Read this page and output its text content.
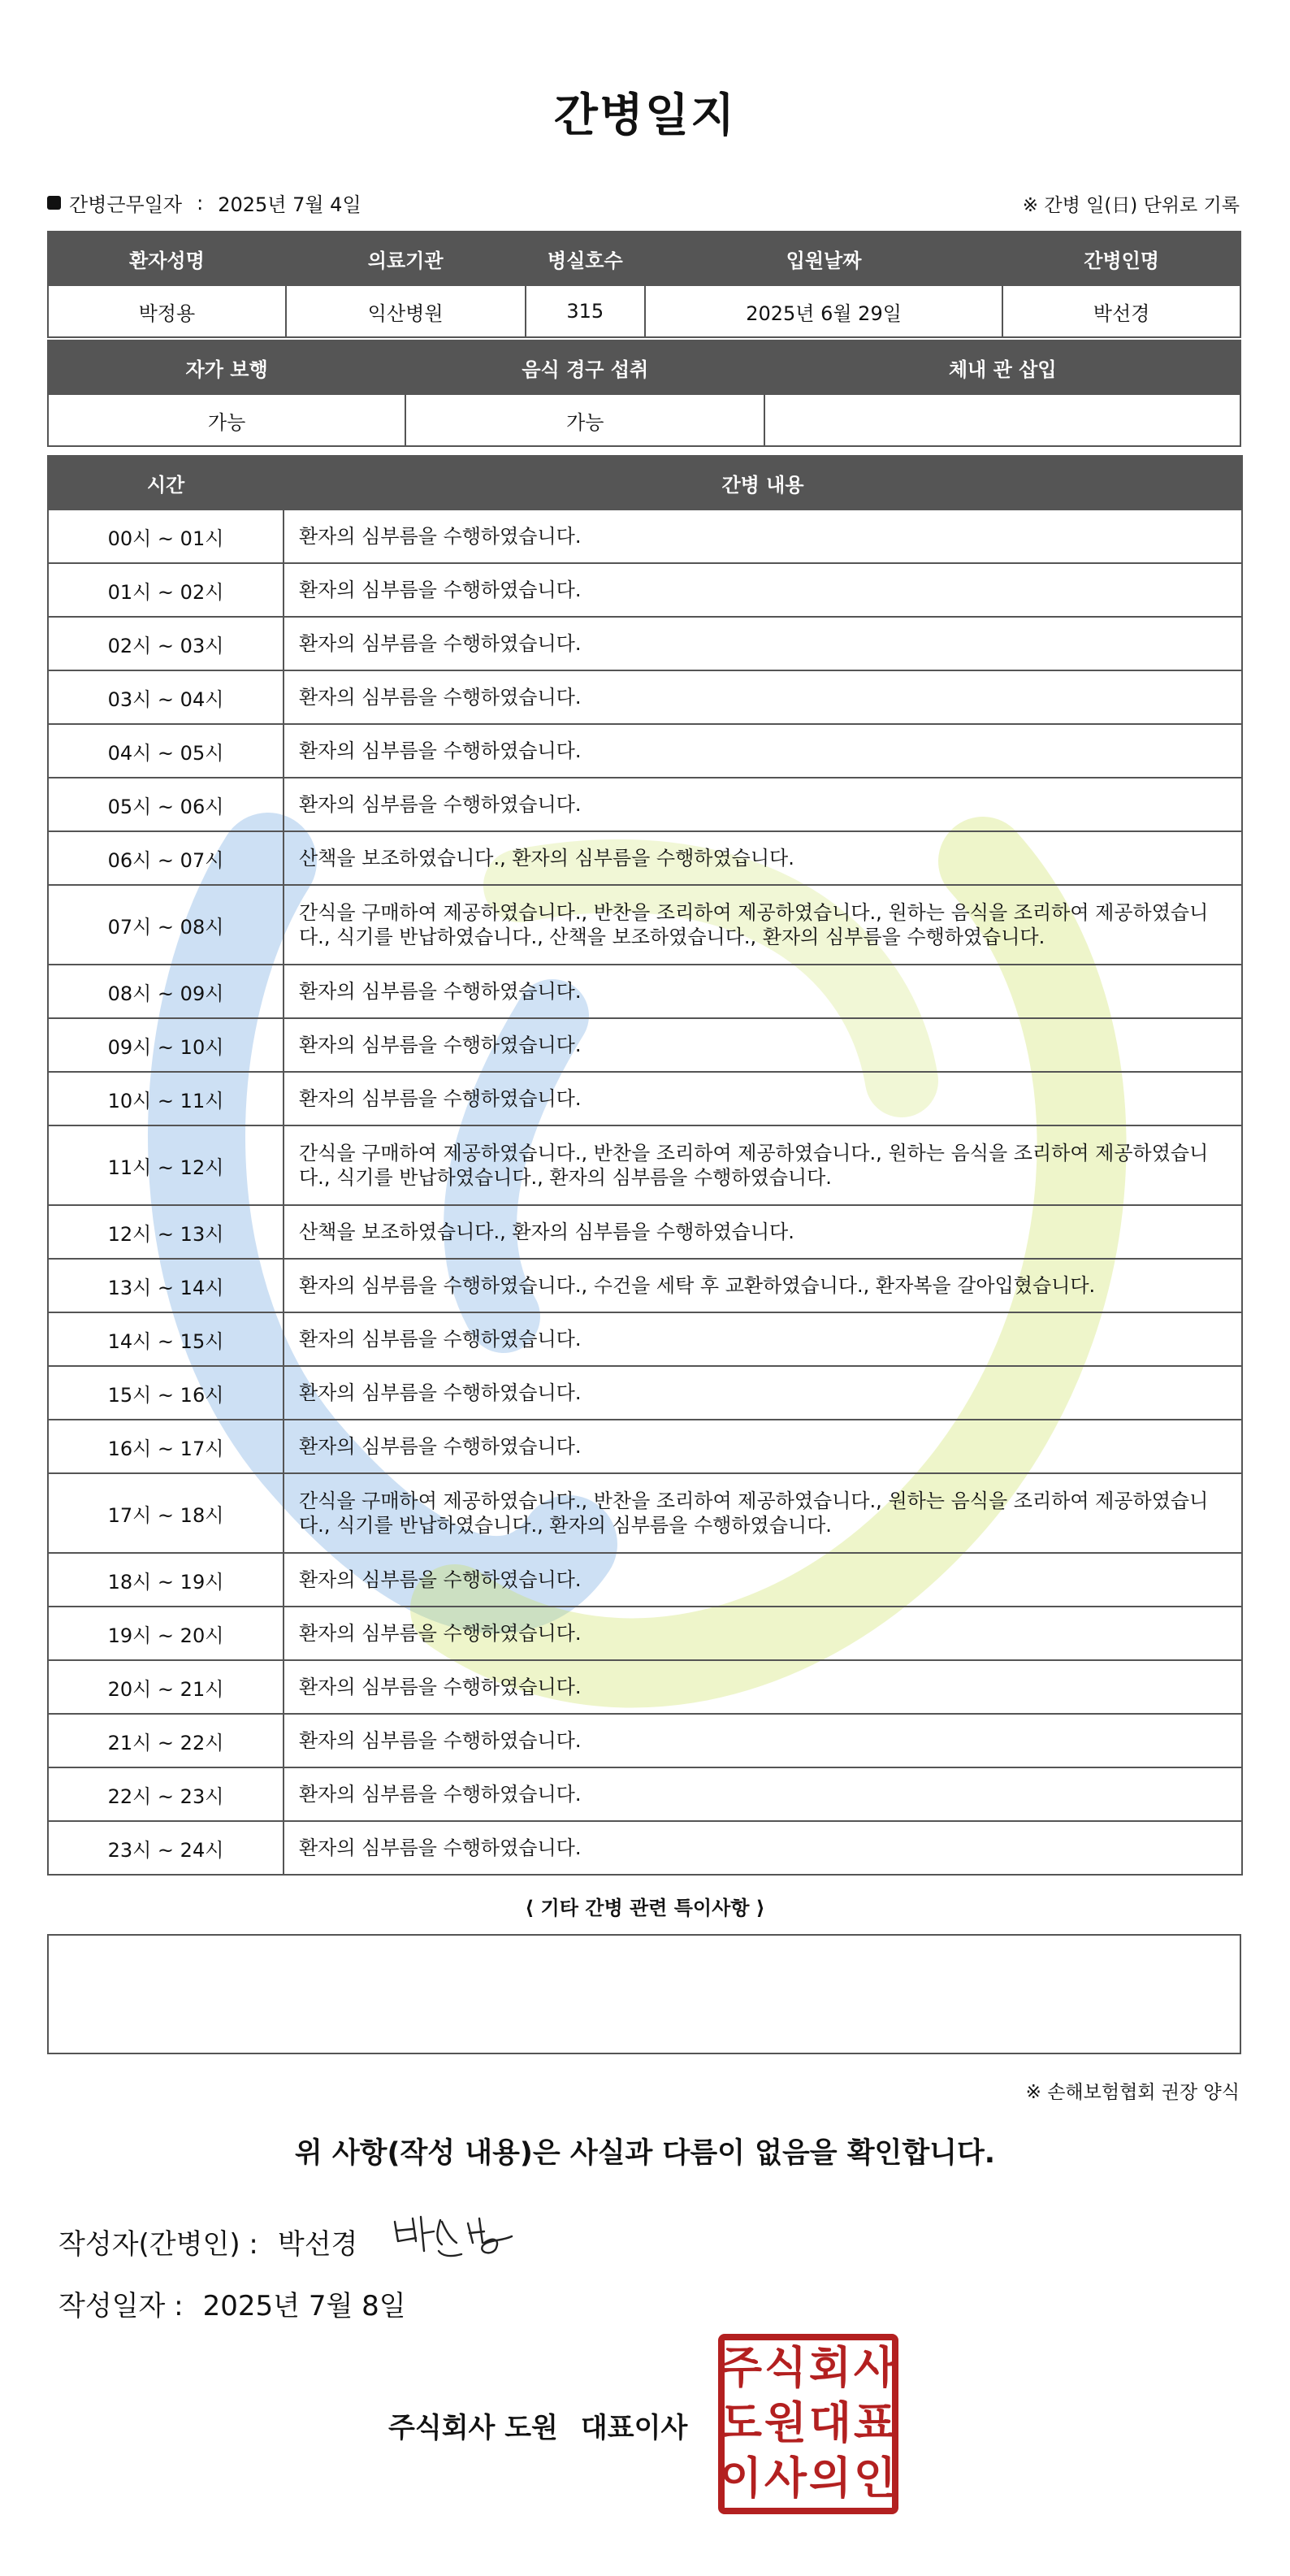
간병일지
간병근무일자 : 2025년 7월 4일	※ 간병 일(日) 단위로 기록
환자성명	의료기관	병실호수	입원날짜	간병인명
박정용	익산병원	315	2025년 6월 29일	박선경
자가 보행	음식 경구 섭취	체내 관 삽입
가능	가능	
시간	간병 내용
00시 ~ 01시	환자의 심부름을 수행하였습니다.
01시 ~ 02시	환자의 심부름을 수행하였습니다.
02시 ~ 03시	환자의 심부름을 수행하였습니다.
03시 ~ 04시	환자의 심부름을 수행하였습니다.
04시 ~ 05시	환자의 심부름을 수행하였습니다.
05시 ~ 06시	환자의 심부름을 수행하였습니다.
06시 ~ 07시	산책을 보조하였습니다., 환자의 심부름을 수행하였습니다.
07시 ~ 08시	간식을 구매하여 제공하였습니다., 반찬을 조리하여 제공하였습니다., 원하는 음식을 조리하여 제공하였습니다., 식기를 반납하였습니다., 산책을 보조하였습니다., 환자의 심부름을 수행하였습니다.
08시 ~ 09시	환자의 심부름을 수행하였습니다.
09시 ~ 10시	환자의 심부름을 수행하였습니다.
10시 ~ 11시	환자의 심부름을 수행하였습니다.
11시 ~ 12시	간식을 구매하여 제공하였습니다., 반찬을 조리하여 제공하였습니다., 원하는 음식을 조리하여 제공하였습니다., 식기를 반납하였습니다., 환자의 심부름을 수행하였습니다.
12시 ~ 13시	산책을 보조하였습니다., 환자의 심부름을 수행하였습니다.
13시 ~ 14시	환자의 심부름을 수행하였습니다., 수건을 세탁 후 교환하였습니다., 환자복을 갈아입혔습니다.
14시 ~ 15시	환자의 심부름을 수행하였습니다.
15시 ~ 16시	환자의 심부름을 수행하였습니다.
16시 ~ 17시	환자의 심부름을 수행하였습니다.
17시 ~ 18시	간식을 구매하여 제공하였습니다., 반찬을 조리하여 제공하였습니다., 원하는 음식을 조리하여 제공하였습니다., 식기를 반납하였습니다., 환자의 심부름을 수행하였습니다.
18시 ~ 19시	환자의 심부름을 수행하였습니다.
19시 ~ 20시	환자의 심부름을 수행하였습니다.
20시 ~ 21시	환자의 심부름을 수행하였습니다.
21시 ~ 22시	환자의 심부름을 수행하였습니다.
22시 ~ 23시	환자의 심부름을 수행하였습니다.
23시 ~ 24시	환자의 심부름을 수행하였습니다.
⟨ 기타 간병 관련 특이사항 ⟩
※ 손해보험협회 권장 양식
위 사항(작성 내용)은 사실과 다름이 없음을 확인합니다.
작성자(간병인) : 박선경
작성일자 : 2025년 7월 8일
주식회사 도원 대표이사
주 식 회 사
도 원 대 표
이 사 의 인
